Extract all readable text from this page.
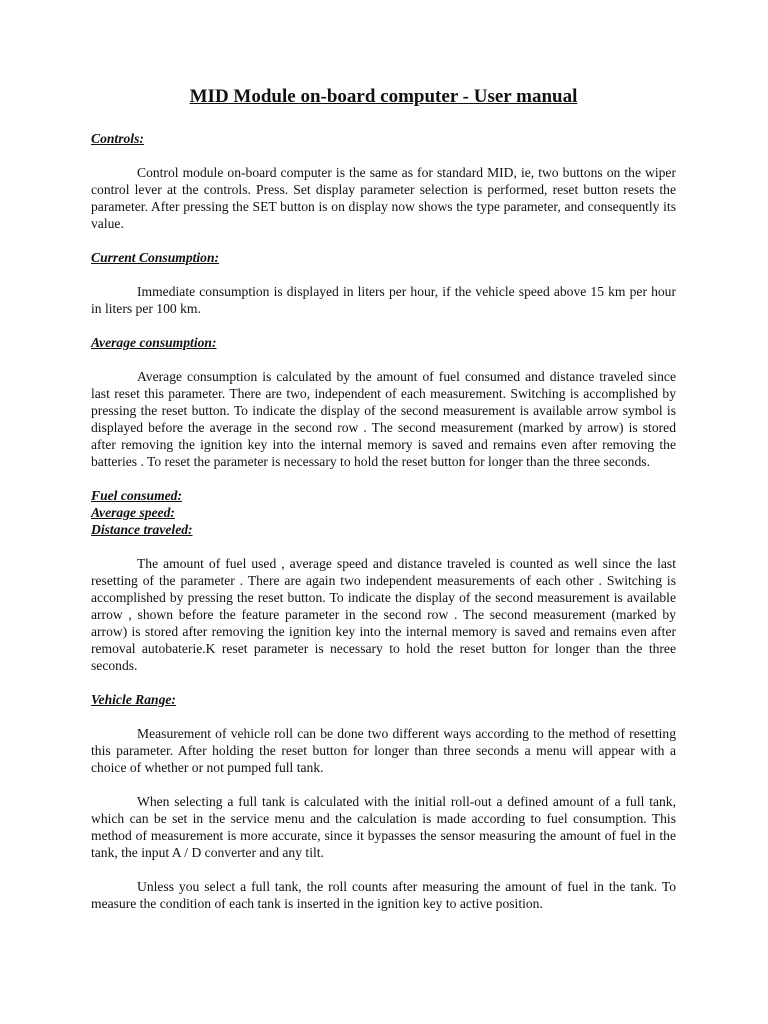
MID Module on-board computer - User manual
Controls:

Control module on-board computer is the same as for standard MID, ie, two buttons on the wiper control lever at the controls. Press. Set display parameter selection is performed, reset button resets the parameter. After pressing the SET button is on display now shows the type parameter, and consequently its value.

Current Consumption:

Immediate consumption is displayed in liters per hour, if the vehicle speed above 15 km per hour in liters per 100 km.

Average consumption:

Average consumption is calculated by the amount of fuel consumed and distance traveled since last reset this parameter. There are two, independent of each measurement. Switching is accomplished by pressing the reset button. To indicate the display of the second measurement is available arrow symbol is displayed before the average in the second row . The second measurement (marked by arrow) is stored after removing the ignition key into the internal memory is saved and remains even after removing the batteries . To reset the parameter is necessary to hold the reset button for longer than the three seconds.

Fuel consumed:
Average speed:
Distance traveled:

The amount of fuel used , average speed and distance traveled is counted as well since the last resetting of the parameter . There are again two independent measurements of each other . Switching is accomplished by pressing the reset button. To indicate the display of the second measurement is available arrow , shown before the feature parameter in the second row . The second measurement (marked by arrow) is stored after removing the ignition key into the internal memory is saved and remains even after removal autobaterie.K reset parameter is necessary to hold the reset button for longer than the three seconds.

Vehicle Range:

Measurement of vehicle roll can be done two different ways according to the method of resetting this parameter. After holding the reset button for longer than three seconds a menu will appear with a choice of whether or not pumped full tank.

When selecting a full tank is calculated with the initial roll-out a defined amount of a full tank, which can be set in the service menu and the calculation is made according to fuel consumption. This method of measurement is more accurate, since it bypasses the sensor measuring the amount of fuel in the tank, the input A / D converter and any tilt.

Unless you select a full tank, the roll counts after measuring the amount of fuel in the tank. To measure the condition of each tank is inserted in the ignition key to active position.
